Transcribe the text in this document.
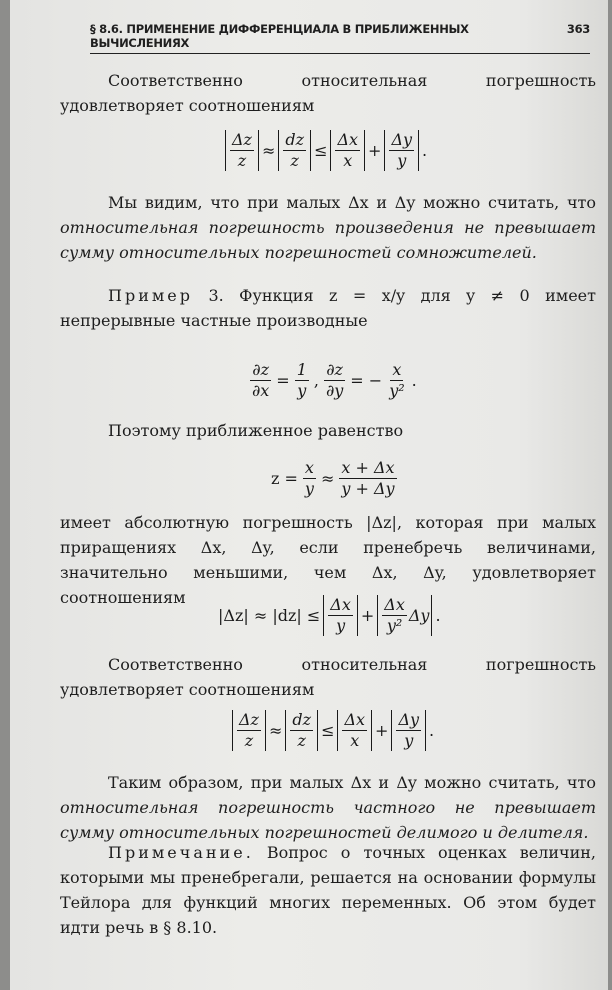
§ 8.6. ПРИМЕНЕНИЕ ДИФФЕРЕНЦИАЛА В ПРИБЛИЖЕННЫХ ВЫЧИСЛЕНИЯХ
363
Соответственно относительная погрешность удовлетворяет соотношениям
$\frac{\Delta z}{z} \approx \frac{dz}{z} \le \frac{\Delta x}{x} + \frac{\Delta y}{y}$ .
Мы видим, что при малых Δx и Δy можно считать, что относительная погрешность произведения не превышает сумму относительных погрешностей сомножителей.
Пример 3. Функция z = x/y для y ≠ 0 имеет непрерывные частные производные
$\frac{\partial z}{\partial x} = \frac{1}{y}$ , $\frac{\partial z}{\partial y}$ = − $\frac{x}{\text{y²}}$ .
Поэтому приближенное равенство
$z = \frac{x}{y} \approx \frac{x + \Delta x}{y + \Delta y}$
имеет абсолютную погрешность |Δz|, которая при малых приращениях Δx, Δy, если пренебречь величинами, значительно меньшими, чем Δx, Δy, удовлетворяет соотношениям
$|\Delta z| \approx |dz| \le \frac{\Delta x}{y} + \frac{\Delta x}{\text{y²}}$ Δy .
Соответственно относительная погрешность удовлетворяет соотношениям
$\frac{\Delta z}{z} \approx \frac{dz}{z} \le \frac{\Delta x}{x} + \frac{\Delta y}{y}$ .
Таким образом, при малых Δx и Δy можно считать, что относительная погрешность частного не превышает сумму относительных погрешностей делимого и делителя.
Примечание. Вопрос о точных оценках величин, которыми мы пренебрегали, решается на основании формулы Тейлора для функций многих переменных. Об этом будет идти речь в § 8.10.
